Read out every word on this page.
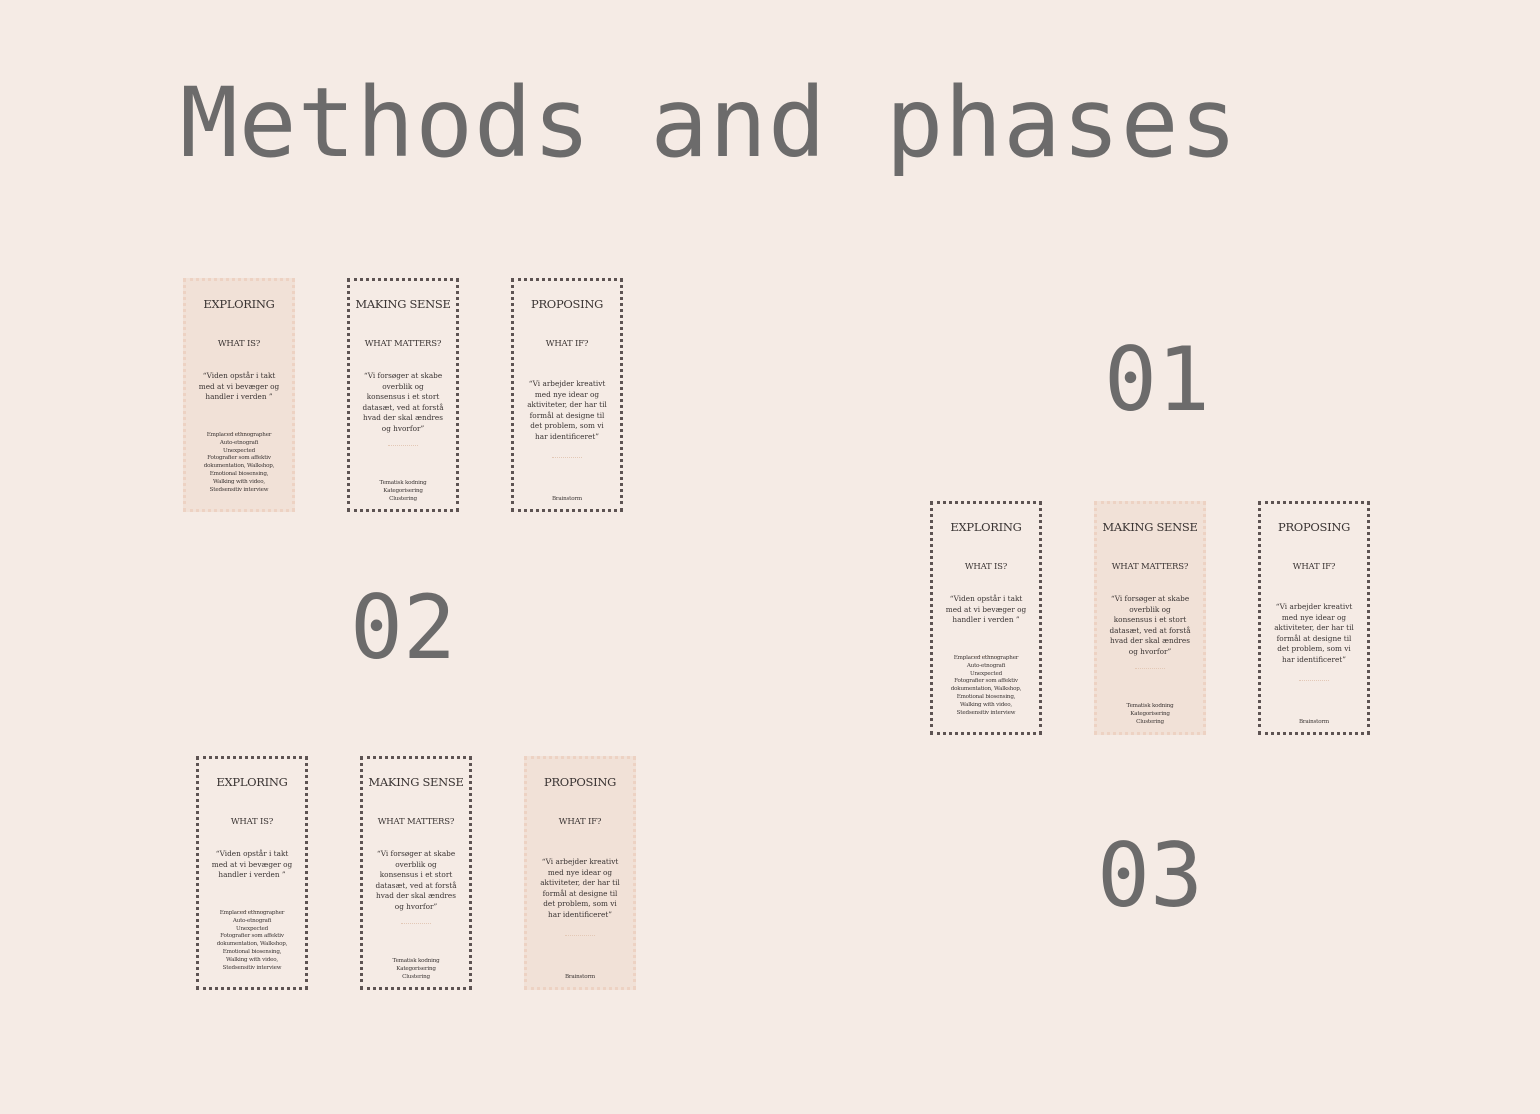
Methods and phases
01
EXPLORING
WHAT IS?
“Viden opstår i takt med at vi bevæger og handler i verden ”
Emplaced ethnographer
Auto-etnografi
Unexpected
Fotografier som affektiv
dokumentation, Walkshop,
Emotional biosensing,
Walking with video,
Stedsensitiv interview
MAKING SENSE
WHAT MATTERS?
“Vi forsøger at skabe overblik og konsensus i et stort datasæt, ved at forstå hvad der skal ændres og hvorfor”
Tematisk kodning
Kategorisering
Clustering
PROPOSING
WHAT IF?
“Vi arbejder kreativt med nye idear og aktiviteter, der har til formål at designe til det problem, som vi har identificeret”
Brainstorm
02
EXPLORING
WHAT IS?
“Viden opstår i takt med at vi bevæger og handler i verden ”
Emplaced ethnographer
Auto-etnografi
Unexpected
Fotografier som affektiv
dokumentation, Walkshop,
Emotional biosensing,
Walking with video,
Stedsensitiv interview
MAKING SENSE
WHAT MATTERS?
“Vi forsøger at skabe overblik og konsensus i et stort datasæt, ved at forstå hvad der skal ændres og hvorfor”
Tematisk kodning
Kategorisering
Clustering
PROPOSING
WHAT IF?
“Vi arbejder kreativt med nye idear og aktiviteter, der har til formål at designe til det problem, som vi har identificeret”
Brainstorm
03
EXPLORING
WHAT IS?
“Viden opstår i takt med at vi bevæger og handler i verden ”
Emplaced ethnographer
Auto-etnografi
Unexpected
Fotografier som affektiv
dokumentation, Walkshop,
Emotional biosensing,
Walking with video,
Stedsensitiv interview
MAKING SENSE
WHAT MATTERS?
“Vi forsøger at skabe overblik og konsensus i et stort datasæt, ved at forstå hvad der skal ændres og hvorfor”
Tematisk kodning
Kategorisering
Clustering
PROPOSING
WHAT IF?
“Vi arbejder kreativt med nye idear og aktiviteter, der har til formål at designe til det problem, som vi har identificeret”
Brainstorm
